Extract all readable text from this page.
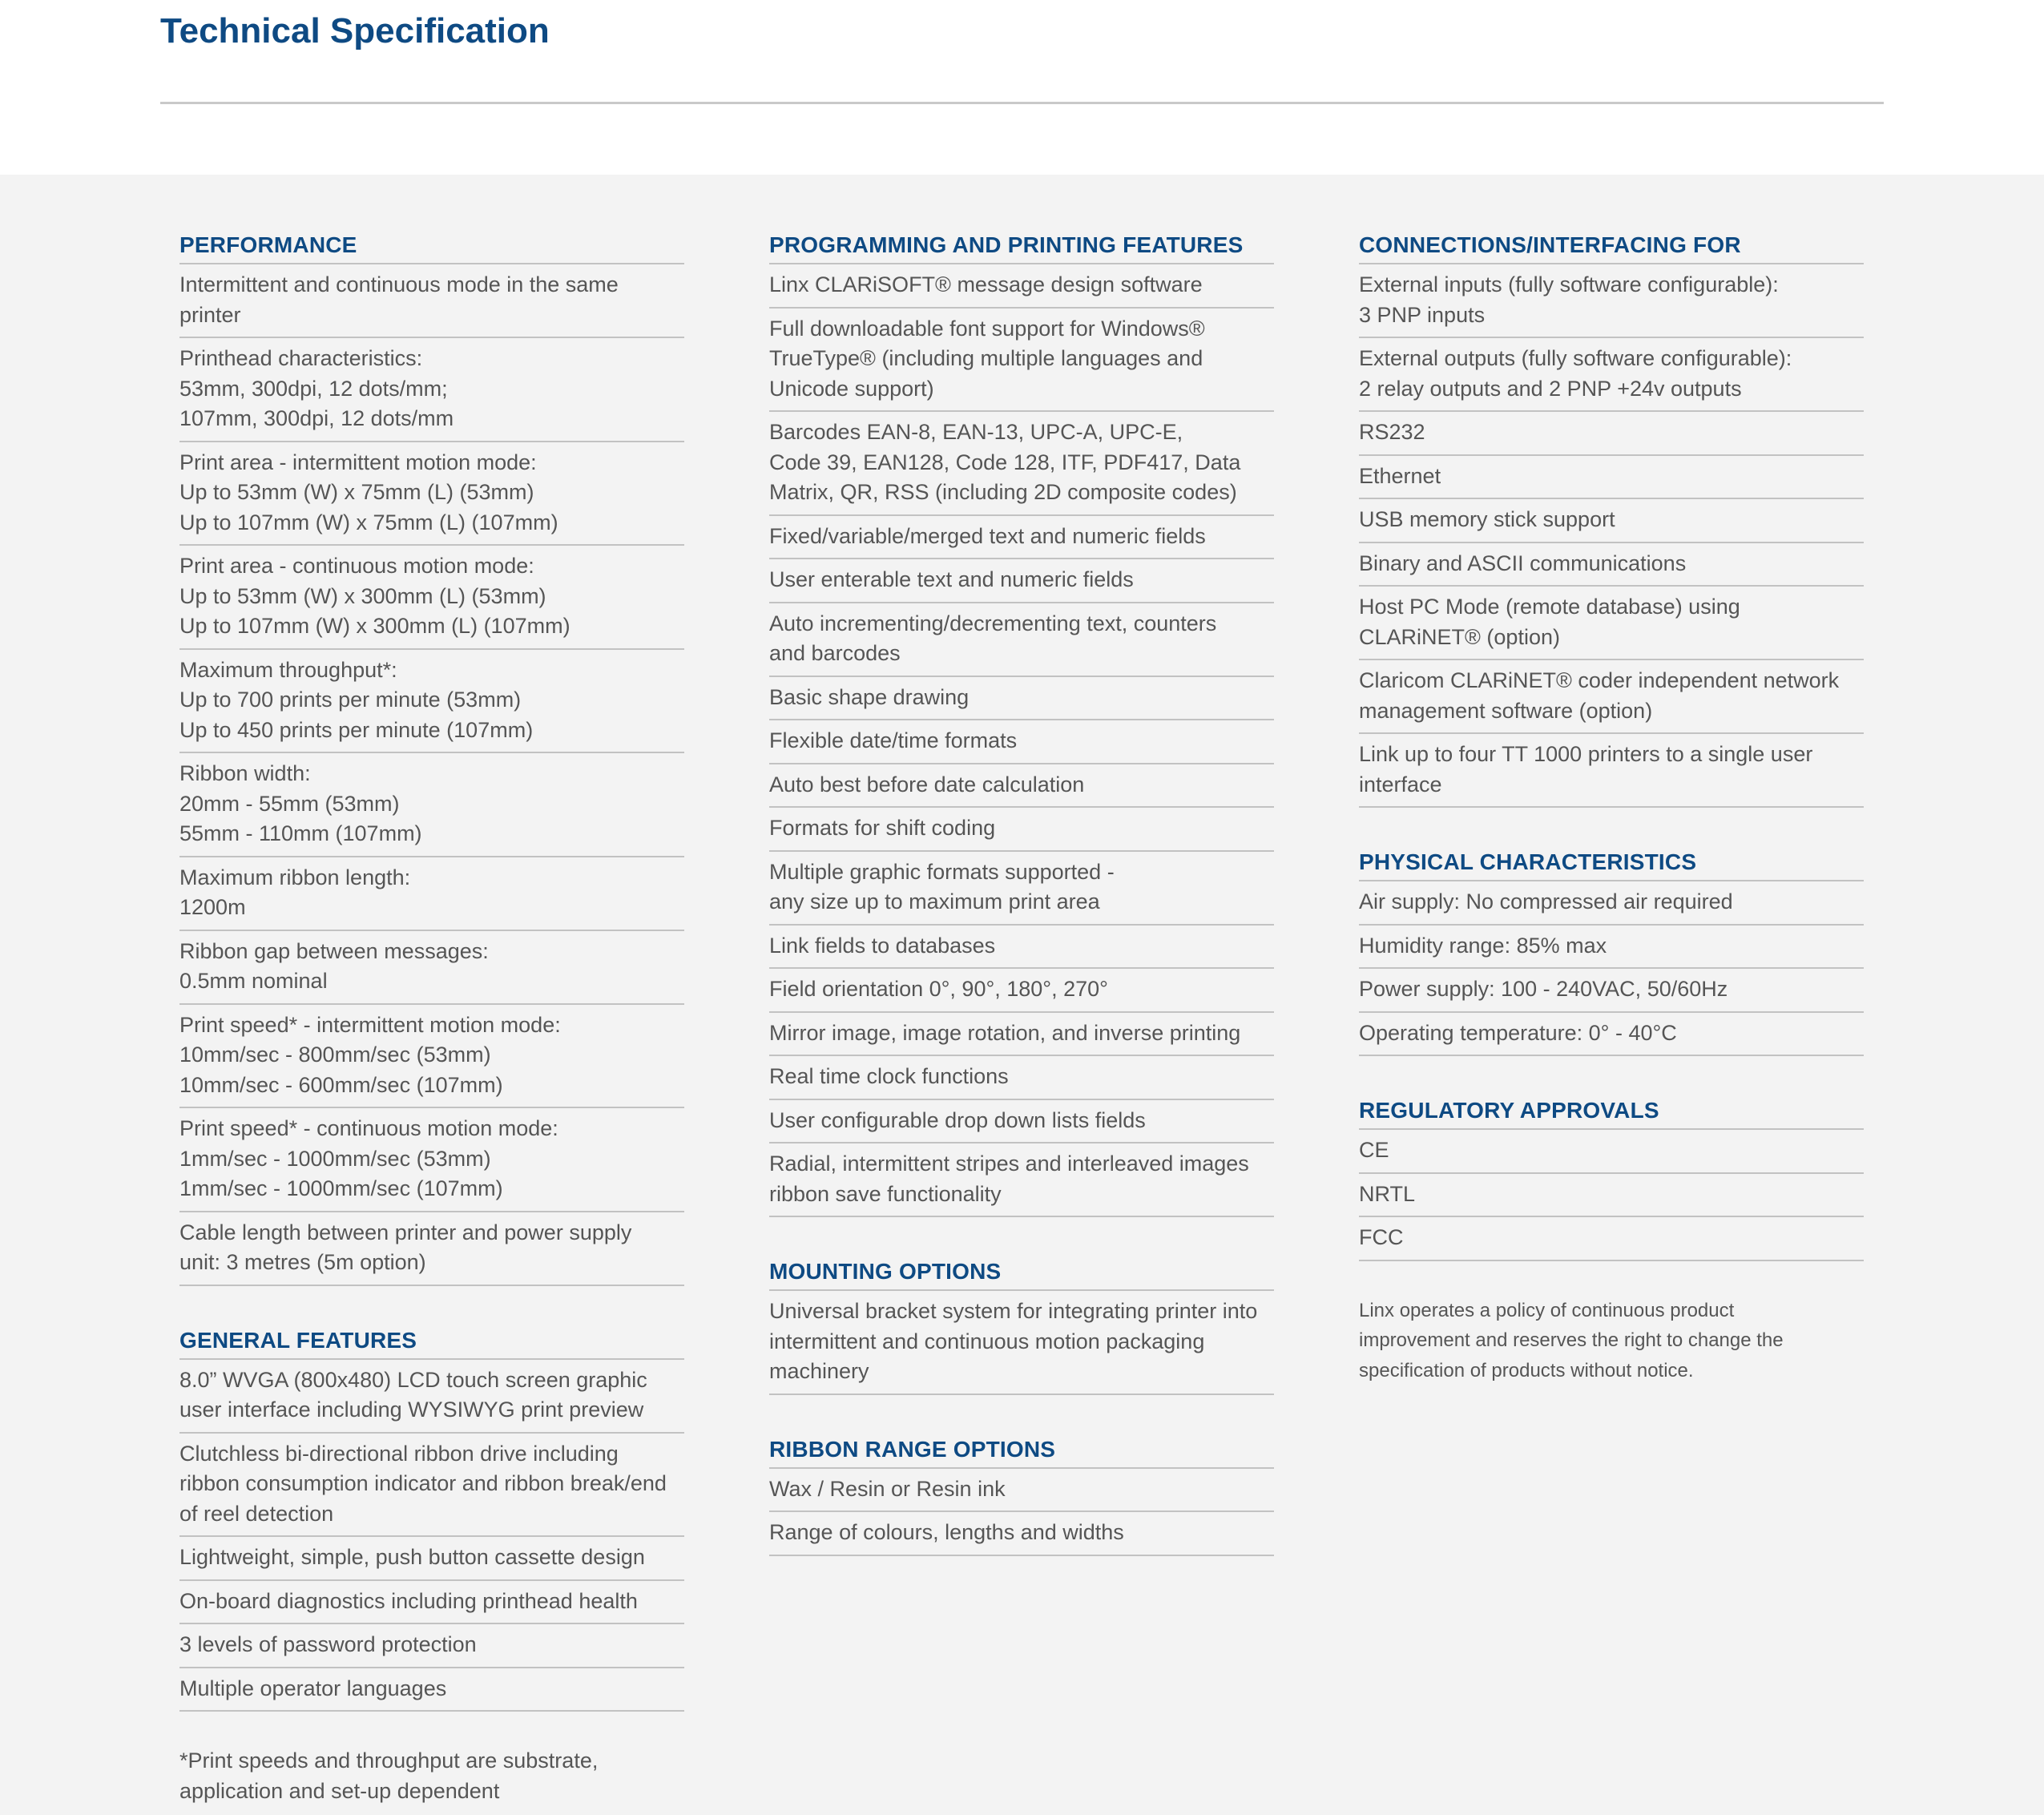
Technical Specification
PERFORMANCE
Intermittent and continuous mode in the same
printer
Printhead characteristics:
53mm, 300dpi, 12 dots/mm;
107mm, 300dpi, 12 dots/mm
Print area - intermittent motion mode:
Up to 53mm (W) x 75mm (L) (53mm)
Up to 107mm (W) x 75mm (L) (107mm)
Print area - continuous motion mode:
Up to 53mm (W) x 300mm (L) (53mm)
Up to 107mm (W) x 300mm (L) (107mm)
Maximum throughput*:
Up to 700 prints per minute (53mm)
Up to 450 prints per minute (107mm)
Ribbon width:
20mm - 55mm (53mm)
55mm - 110mm (107mm)
Maximum ribbon length:
1200m
Ribbon gap between messages:
0.5mm nominal
Print speed* - intermittent motion mode:
10mm/sec - 800mm/sec (53mm)
10mm/sec - 600mm/sec (107mm)
Print speed* - continuous motion mode:
1mm/sec - 1000mm/sec (53mm)
1mm/sec - 1000mm/sec (107mm)
Cable length between printer and power supply
unit: 3 metres (5m option)
GENERAL FEATURES
8.0” WVGA (800x480) LCD touch screen graphic
user interface including WYSIWYG print preview
Clutchless bi-directional ribbon drive including
ribbon consumption indicator and ribbon break/end
of reel detection
Lightweight, simple, push button cassette design
On-board diagnostics including printhead health
3 levels of password protection
Multiple operator languages
*Print speeds and throughput are substrate,
application and set-up dependent
PROGRAMMING AND PRINTING FEATURES
Linx CLARiSOFT® message design software
Full downloadable font support for Windows®
TrueType® (including multiple languages and
Unicode support)
Barcodes EAN-8, EAN-13, UPC-A, UPC-E,
Code 39, EAN128, Code 128, ITF, PDF417, Data
Matrix, QR, RSS (including 2D composite codes)
Fixed/variable/merged text and numeric fields
User enterable text and numeric fields
Auto incrementing/decrementing text, counters
and barcodes
Basic shape drawing
Flexible date/time formats
Auto best before date calculation
Formats for shift coding
Multiple graphic formats supported -
any size up to maximum print area
Link fields to databases
Field orientation 0°, 90°, 180°, 270°
Mirror image, image rotation, and inverse printing
Real time clock functions
User configurable drop down lists fields
Radial, intermittent stripes and interleaved images
ribbon save functionality
MOUNTING OPTIONS
Universal bracket system for integrating printer into
intermittent and continuous motion packaging
machinery
RIBBON RANGE OPTIONS
Wax / Resin or Resin ink
Range of colours, lengths and widths
CONNECTIONS/INTERFACING FOR
External inputs (fully software configurable):
3 PNP inputs
External outputs (fully software configurable):
2 relay outputs and 2 PNP +24v outputs
RS232
Ethernet
USB memory stick support
Binary and ASCII communications
Host PC Mode (remote database) using
CLARiNET® (option)
Claricom CLARiNET® coder independent network
management software (option)
Link up to four TT 1000 printers to a single user
interface
PHYSICAL CHARACTERISTICS
Air supply: No compressed air required
Humidity range: 85% max
Power supply: 100 - 240VAC, 50/60Hz
Operating temperature: 0° - 40°C
REGULATORY APPROVALS
CE
NRTL
FCC
Linx operates a policy of continuous product
improvement and reserves the right to change the
specification of products without notice.
